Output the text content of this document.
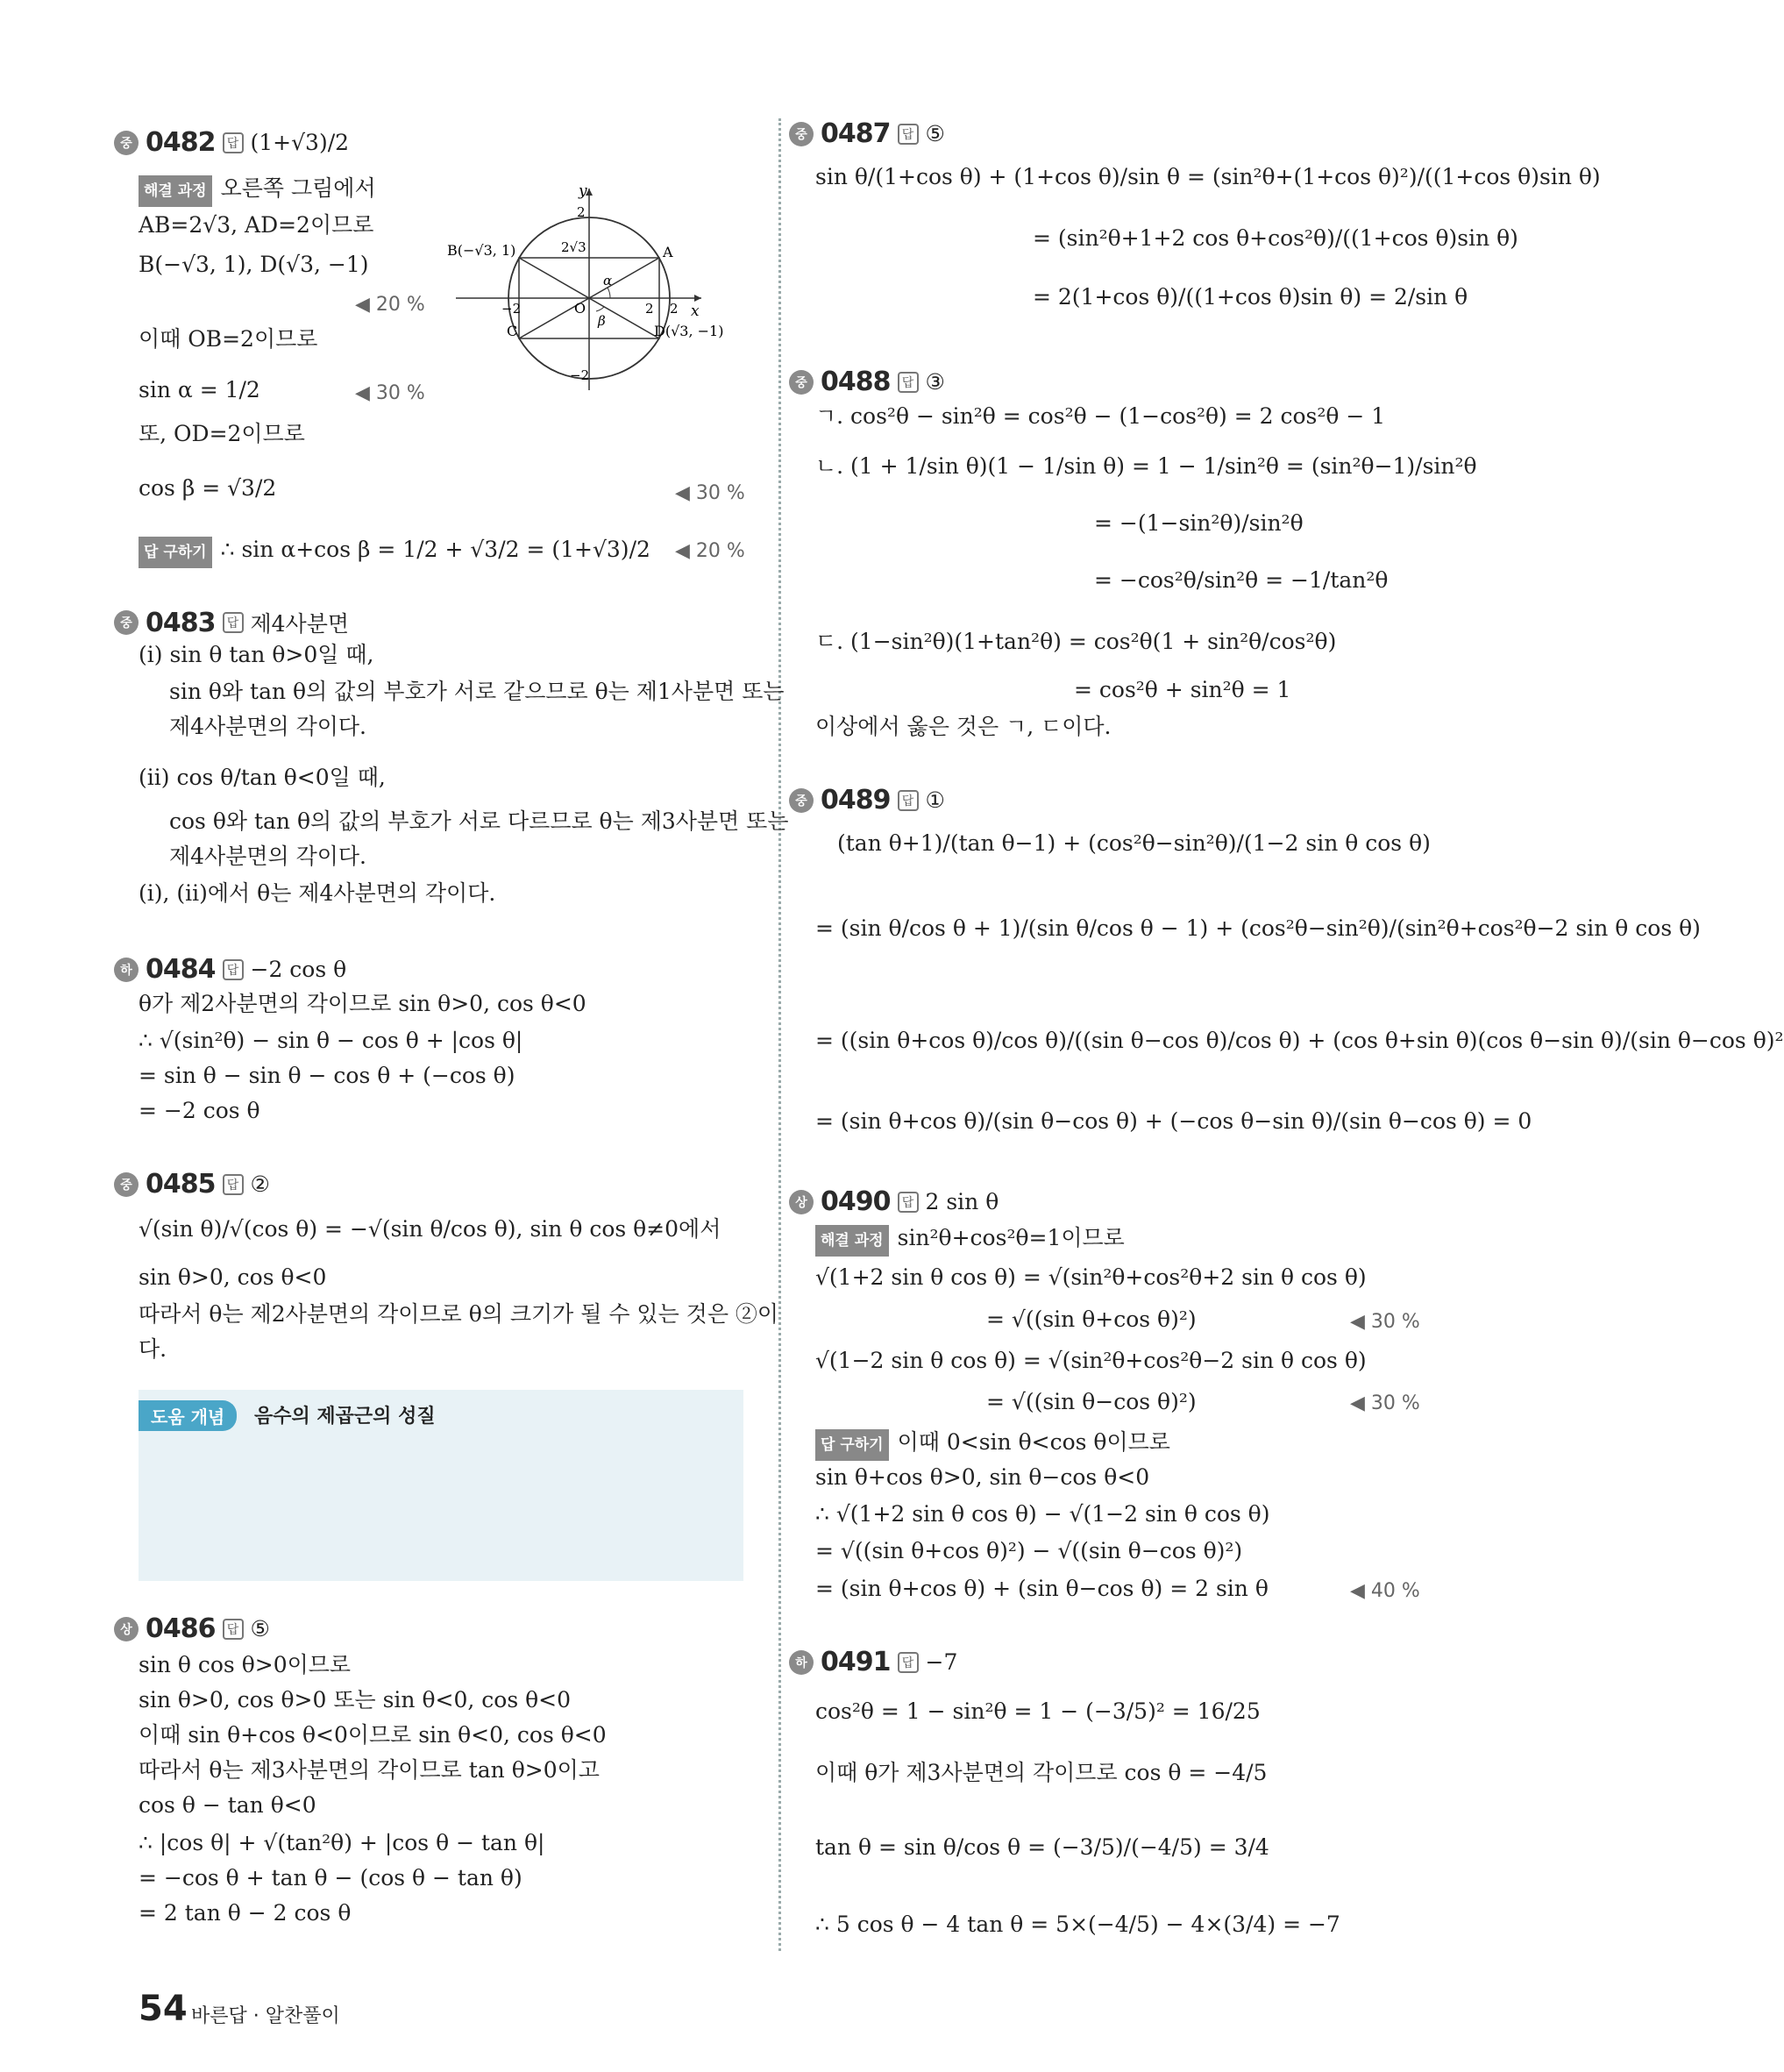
중 0482 답 (1+√3)/2
해결 과정 오른쪽 그림에서
AB=2√3, AD=2이므로
B(−√3, 1), D(√3, −1)
이때 OB=2이므로
sin α = 1/2
또, OD=2이므로
cos β = √3/2
답 구하기 ∴ sin α+cos β = 1/2 + √3/2 = (1+√3)/2
중 0483 답 제4사분면
(ⅰ) sin θ tan θ>0일 때,
sin θ와 tan θ의 값의 부호가 서로 같으므로 θ는 제1사분면 또는
제4사분면의 각이다.
(ⅱ) cos θ/tan θ<0일 때,
cos θ와 tan θ의 값의 부호가 서로 다르므로 θ는 제3사분면 또는
제4사분면의 각이다.
(ⅰ), (ⅱ)에서 θ는 제4사분면의 각이다.
하 0484 답 −2 cos θ
θ가 제2사분면의 각이므로 sin θ>0, cos θ<0
∴ √(sin²θ) − sin θ − cos θ + |cos θ|
= sin θ − sin θ − cos θ + (−cos θ)
= −2 cos θ
중 0485 답 ②
√(sin θ)/√(cos θ) = −√(sin θ/cos θ), sin θ cos θ≠0에서
sin θ>0, cos θ<0
따라서 θ는 제2사분면의 각이므로 θ의 크기가 될 수 있는 것은 ②이
다.
상 0486 답 ⑤
sin θ cos θ>0이므로
sin θ>0, cos θ>0 또는 sin θ<0, cos θ<0
이때 sin θ+cos θ<0이므로 sin θ<0, cos θ<0
따라서 θ는 제3사분면의 각이므로 tan θ>0이고
cos θ − tan θ<0
∴ |cos θ| + √(tan²θ) + |cos θ − tan θ|
= −cos θ + tan θ − (cos θ − tan θ)
= 2 tan θ − 2 cos θ
중 0487 답 ⑤
sin θ/(1+cos θ) + (1+cos θ)/sin θ = (sin²θ+(1+cos θ)²)/((1+cos θ)sin θ)
= (sin²θ+1+2 cos θ+cos²θ)/((1+cos θ)sin θ)
= 2(1+cos θ)/((1+cos θ)sin θ) = 2/sin θ
중 0488 답 ③
ㄱ. cos²θ − sin²θ = cos²θ − (1−cos²θ) = 2 cos²θ − 1
ㄴ. (1 + 1/sin θ)(1 − 1/sin θ) = 1 − 1/sin²θ = (sin²θ−1)/sin²θ
= −(1−sin²θ)/sin²θ
= −cos²θ/sin²θ = −1/tan²θ
ㄷ. (1−sin²θ)(1+tan²θ) = cos²θ(1 + sin²θ/cos²θ)
= cos²θ + sin²θ = 1
이상에서 옳은 것은 ㄱ, ㄷ이다.
중 0489 답 ①
(tan θ+1)/(tan θ−1) + (cos²θ−sin²θ)/(1−2 sin θ cos θ)
= (sin θ/cos θ + 1)/(sin θ/cos θ − 1) + (cos²θ−sin²θ)/(sin²θ+cos²θ−2 sin θ cos θ)
= ((sin θ+cos θ)/cos θ)/((sin θ−cos θ)/cos θ) + (cos θ+sin θ)(cos θ−sin θ)/(sin θ−cos θ)²
= (sin θ+cos θ)/(sin θ−cos θ) + (−cos θ−sin θ)/(sin θ−cos θ) = 0
상 0490 답 2 sin θ
해결 과정 sin²θ+cos²θ=1이므로
√(1+2 sin θ cos θ) = √(sin²θ+cos²θ+2 sin θ cos θ)
= √((sin θ+cos θ)²)
√(1−2 sin θ cos θ) = √(sin²θ+cos²θ−2 sin θ cos θ)
= √((sin θ−cos θ)²)
답 구하기 이때 0<sin θ<cos θ이므로
sin θ+cos θ>0, sin θ−cos θ<0
∴ √(1+2 sin θ cos θ) − √(1−2 sin θ cos θ)
= √((sin θ+cos θ)²) − √((sin θ−cos θ)²)
= (sin θ+cos θ) + (sin θ−cos θ) = 2 sin θ
하 0491 답 −7
cos²θ = 1 − sin²θ = 1 − (−3/5)² = 16/25
이때 θ가 제3사분면의 각이므로 cos θ = −4/5
tan θ = sin θ/cos θ = (−3/5)/(−4/5) = 3/4
∴ 5 cos θ − 4 tan θ = 5×(−4/5) − 4×(3/4) = −7
◀ 20 %
◀ 30 %
◀ 30 %
◀ 20 %
◀ 30 %
◀ 30 %
◀ 40 %
도움 개념	음수의 제곱근의 성질
y
x
2
−2
−2	2
2
2√3
B(−√3, 1)	A
C	D(√3, −1)
O
α
β
54 바른답 · 알찬풀이
